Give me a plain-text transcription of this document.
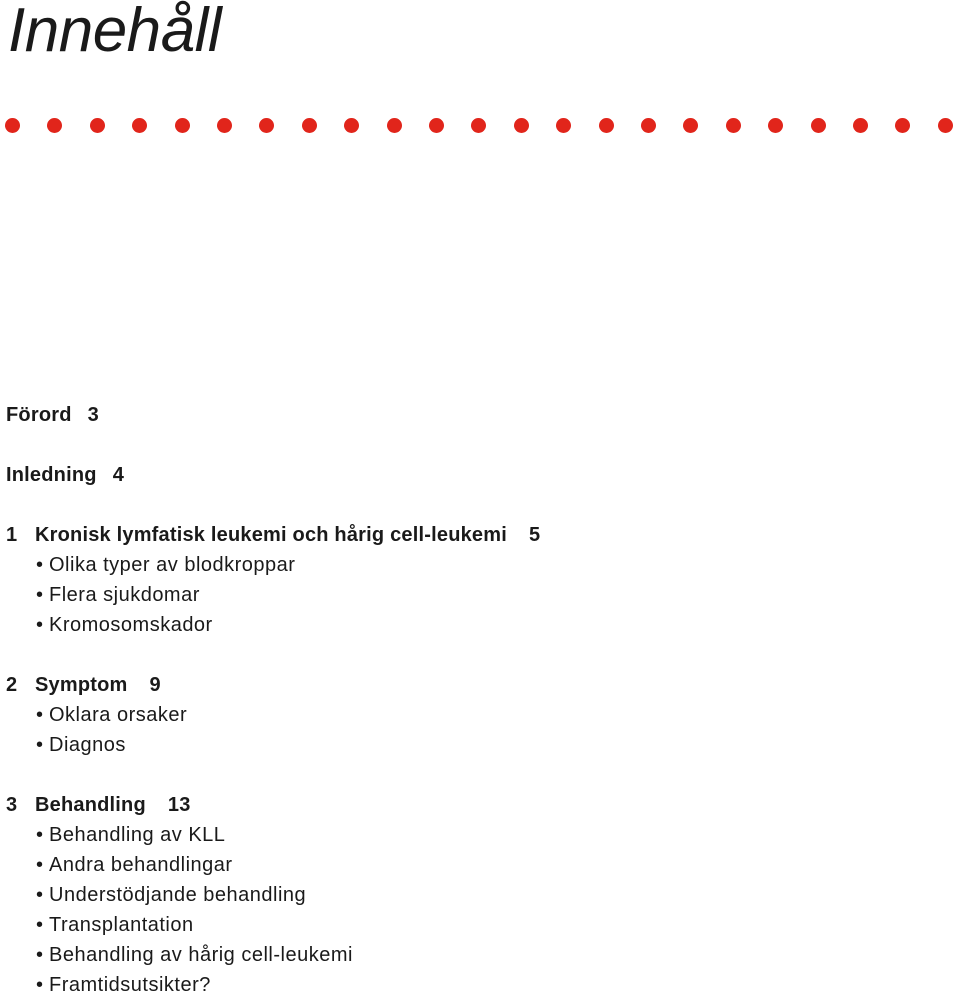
Innehåll
Förord 3
Inledning 4
1 Kronisk lymfatisk leukemi och hårig cell-leukemi 5
• Olika typer av blodkroppar
• Flera sjukdomar
• Kromosomskador
2 Symptom 9
• Oklara orsaker
• Diagnos
3 Behandling 13
• Behandling av KLL
• Andra behandlingar
• Understödjande behandling
• Transplantation
• Behandling av hårig cell-leukemi
• Framtidsutsikter?
